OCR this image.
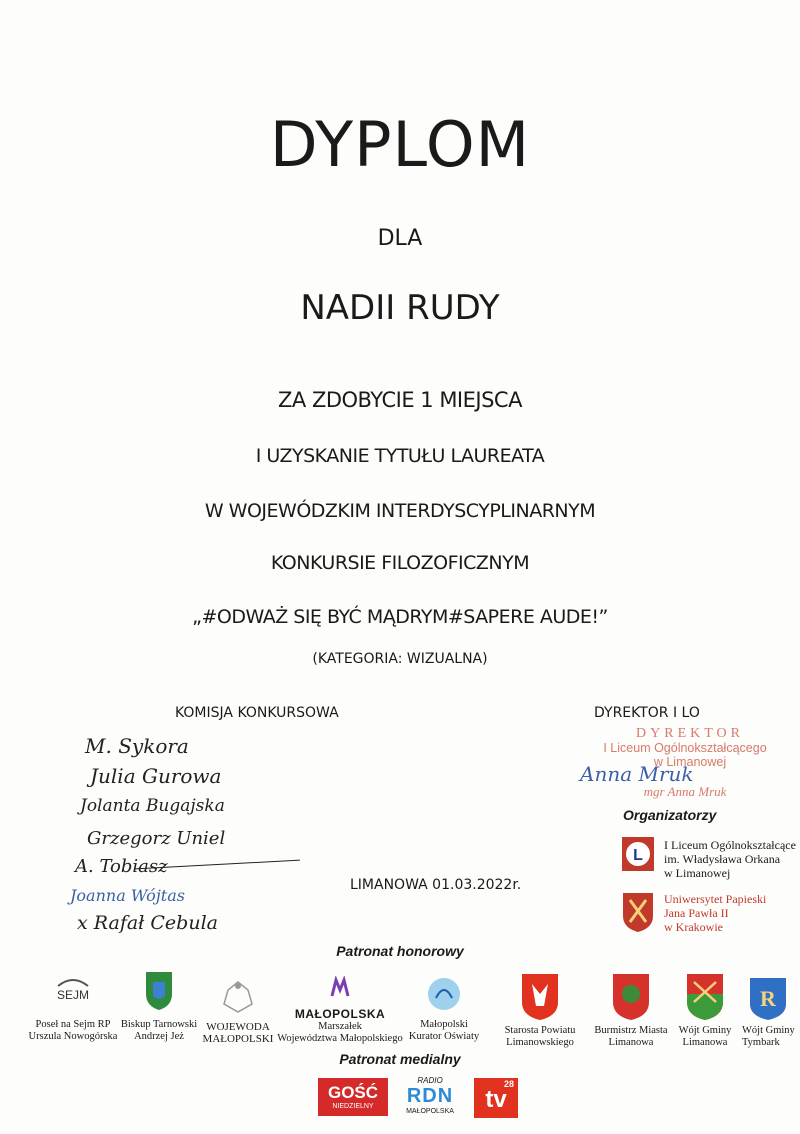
DYPLOM
DLA
NADII RUDY
ZA ZDOBYCIE 1 MIEJSCA
I UZYSKANIE TYTUŁU LAUREATA
W WOJEWÓDZKIM INTERDYSCYPLINARNYM
KONKURSIE FILOZOFICZNYM
„#ODWAŻ SIĘ BYĆ MĄDRYM#SAPERE AUDE!”
(KATEGORIA: WIZUALNA)
KOMISJA KONKURSOWA
M. Sykora
Julia Gurowa
Jolanta Bugajska
Grzegorz Uniel
A. Tobiasz
Joanna Wójtas
x Rafał Cebula
DYREKTOR I LO
DYREKTOR
I Liceum Ogólnokształcącego
w Limanowej
Anna Mruk
mgr Anna Mruk
Organizatorzy
L
I Liceum Ogólnokształcące
im. Władysława Orkana
w Limanowej
Uniwersytet Papieski
Jana Pawła II
w Krakowie
LIMANOWA 01.03.2022r.
Patronat honorowy
SEJM
Poseł na Sejm RP
Urszula Nowogórska
Biskup Tarnowski
Andrzej Jeż
WOJEWODA
MAŁOPOLSKI
MAŁOPOLSKA
Marszałek
Województwa Małopolskiego
Małopolski
Kurator Oświaty
Starosta Powiatu
Limanowskiego
Burmistrz Miasta
Limanowa
Wójt Gminy
Limanowa
R
Wójt Gminy
Tymbark
Patronat medialny
GOŚĆ
NIEDZIELNY
RADIO
RDN
MAŁOPOLSKA
28
tv
